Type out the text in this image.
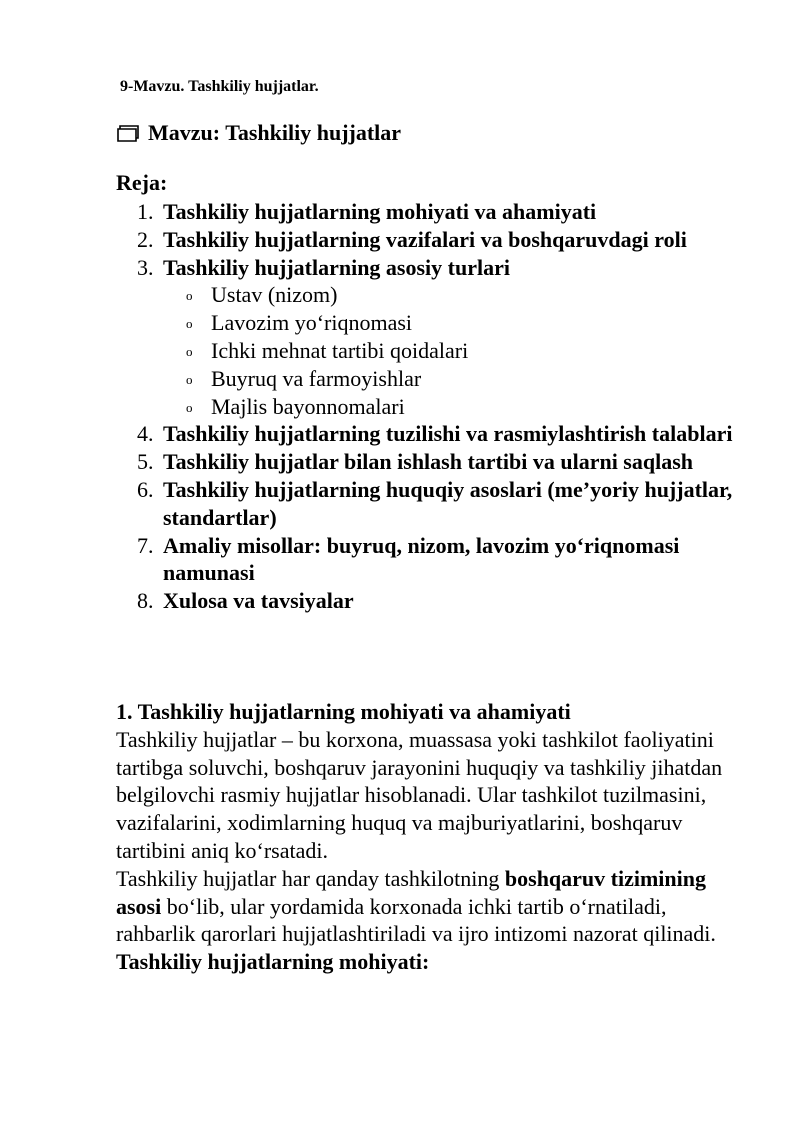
9-Mavzu. Tashkiliy hujjatlar.
Mavzu: Tashkiliy hujjatlar
Reja:
1. Tashkiliy hujjatlarning mohiyati va ahamiyati
2. Tashkiliy hujjatlarning vazifalari va boshqaruvdagi roli
3. Tashkiliy hujjatlarning asosiy turlari
o Ustav (nizom)
o Lavozim yo‘riqnomasi
o Ichki mehnat tartibi qoidalari
o Buyruq va farmoyishlar
o Majlis bayonnomalari
4. Tashkiliy hujjatlarning tuzilishi va rasmiylashtirish talablari
5. Tashkiliy hujjatlar bilan ishlash tartibi va ularni saqlash
6. Tashkiliy hujjatlarning huquqiy asoslari (me’yoriy hujjatlar, standartlar)
7. Amaliy misollar: buyruq, nizom, lavozim yo‘riqnomasi namunasi
8. Xulosa va tavsiyalar
1. Tashkiliy hujjatlarning mohiyati va ahamiyati

Tashkiliy hujjatlar – bu korxona, muassasa yoki tashkilot faoliyatini tartibga soluvchi, boshqaruv jarayonini huquqiy va tashkiliy jihatdan belgilovchi rasmiy hujjatlar hisoblanadi. Ular tashkilot tuzilmasini, vazifalarini, xodimlarning huquq va majburiyatlarini, boshqaruv tartibini aniq ko‘rsatadi.

Tashkiliy hujjatlar har qanday tashkilotning boshqaruv tizimining asosi bo‘lib, ular yordamida korxonada ichki tartib o‘rnatiladi, rahbarlik qarorlari hujjatlashtiriladi va ijro intizomi nazorat qilinadi.

Tashkiliy hujjatlarning mohiyati:
